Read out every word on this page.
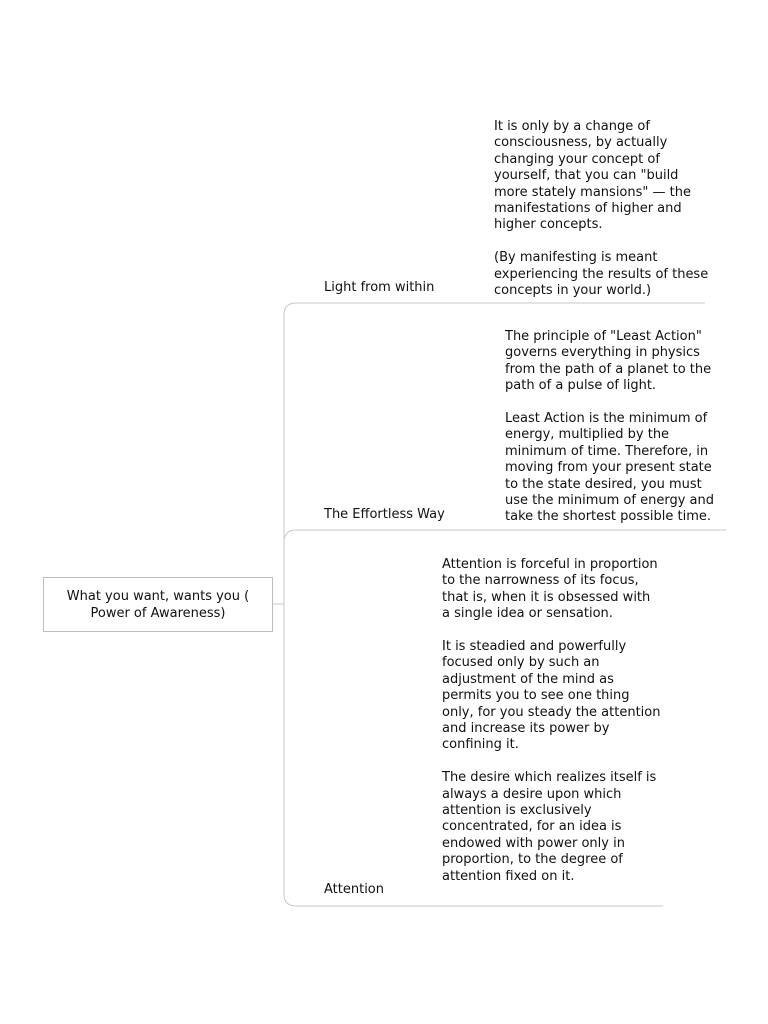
What you want, wants you ( Power of Awareness)
Light from within

It is only by a change of consciousness, by actually changing your concept of yourself, that you can "build more stately mansions" — the manifestations of higher and higher concepts.

(By manifesting is meant experiencing the results of these concepts in your world.)

The Effortless Way

The principle of "Least Action" governs everything in physics from the path of a planet to the path of a pulse of light.

Least Action is the minimum of energy, multiplied by the minimum of time. Therefore, in moving from your present state to the state desired, you must use the minimum of energy and take the shortest possible time.

Attention

Attention is forceful in proportion to the narrowness of its focus, that is, when it is obsessed with a single idea or sensation.

It is steadied and powerfully focused only by such an adjustment of the mind as permits you to see one thing only, for you steady the attention and increase its power by confining it.

The desire which realizes itself is always a desire upon which attention is exclusively concentrated, for an idea is endowed with power only in proportion, to the degree of attention fixed on it.
